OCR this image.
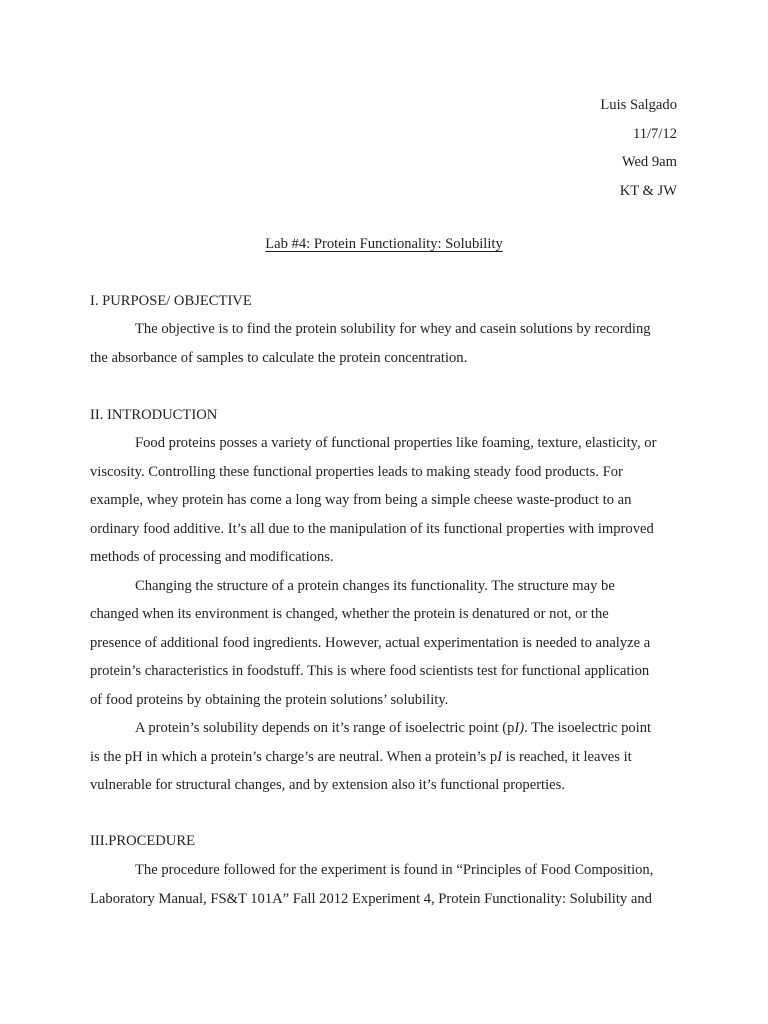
Luis Salgado
11/7/12
Wed 9am
KT & JW
Lab #4: Protein Functionality: Solubility
I. PURPOSE/ OBJECTIVE
The objective is to find the protein solubility for whey and casein solutions by recording
the absorbance of samples to calculate the protein concentration.
II. INTRODUCTION
Food proteins posses a variety of functional properties like foaming, texture, elasticity, or
viscosity. Controlling these functional properties leads to making steady food products. For
example, whey protein has come a long way from being a simple cheese waste-product to an
ordinary food additive. It’s all due to the manipulation of its functional properties with improved
methods of processing and modifications.
Changing the structure of a protein changes its functionality. The structure may be
changed when its environment is changed, whether the protein is denatured or not, or the
presence of additional food ingredients. However, actual experimentation is needed to analyze a
protein’s characteristics in foodstuff. This is where food scientists test for functional application
of food proteins by obtaining the protein solutions’ solubility.
A protein’s solubility depends on it’s range of isoelectric point (pI). The isoelectric point
is the pH in which a protein’s charge’s are neutral. When a protein’s pI is reached, it leaves it
vulnerable for structural changes, and by extension also it’s functional properties.
III.PROCEDURE
The procedure followed for the experiment is found in “Principles of Food Composition,
Laboratory Manual, FS&T 101A” Fall 2012 Experiment 4, Protein Functionality: Solubility and
